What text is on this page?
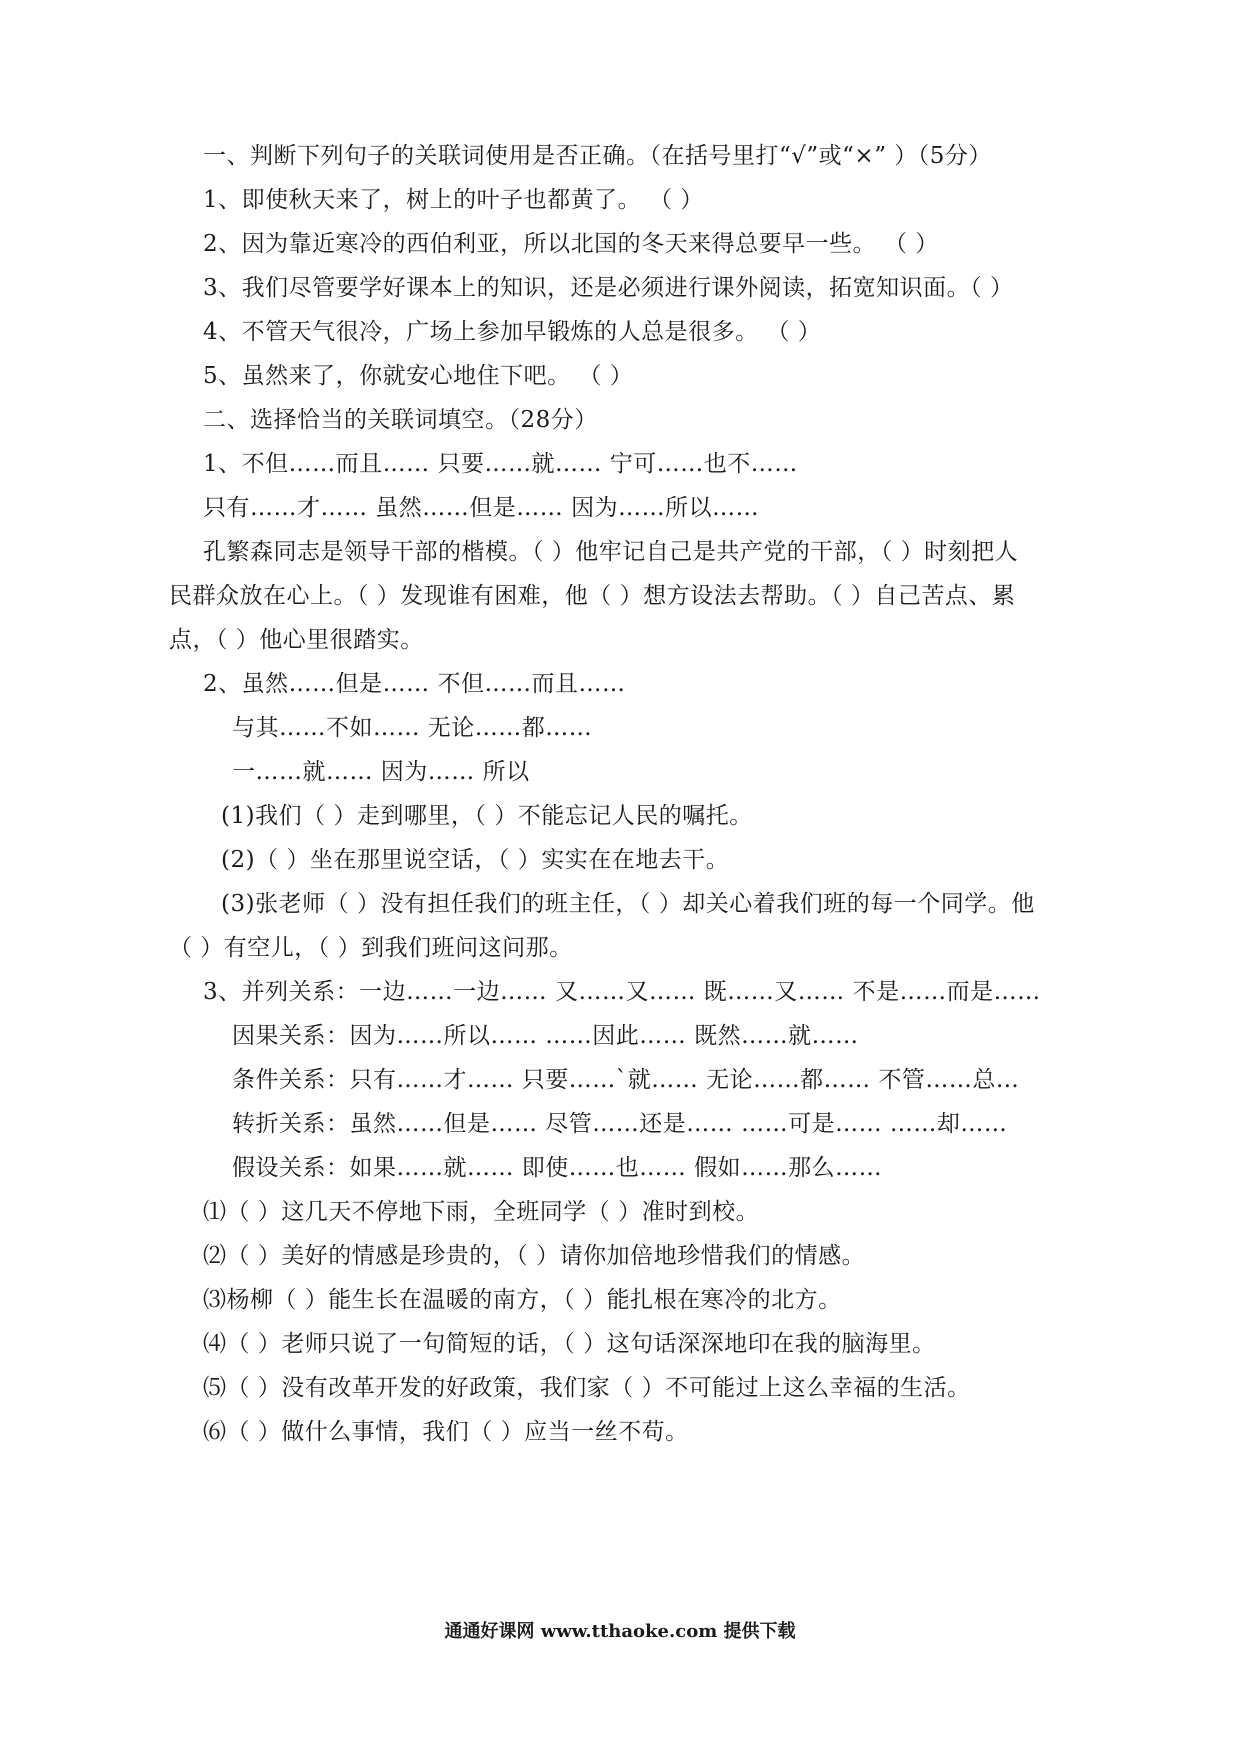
一、判断下列句子的关联词使用是否正确。（在括号里打“√”或“×” ）（5分）

1、即使秋天来了，树上的叶子也都黄了。 （ ）

2、因为靠近寒冷的西伯利亚，所以北国的冬天来得总要早一些。 （ ）

3、我们尽管要学好课本上的知识，还是必须进行课外阅读，拓宽知识面。（ ）

4、不管天气很冷，广场上参加早锻炼的人总是很多。 （ ）

5、虽然来了，你就安心地住下吧。 （ ）

二、选择恰当的关联词填空。（28分）

1、不但……而且…… 只要……就…… 宁可……也不……

只有……才…… 虽然……但是…… 因为……所以……

孔繁森同志是领导干部的楷模。（ ）他牢记自己是共产党的干部，（ ）时刻把人

民群众放在心上。（ ）发现谁有困难，他（ ）想方设法去帮助。（ ）自己苦点、累

点，（ ）他心里很踏实。

2、虽然……但是…… 不但……而且……

与其……不如…… 无论……都……

一……就…… 因为…… 所以

(1)我们（ ）走到哪里，（ ）不能忘记人民的嘱托。

(2)（ ）坐在那里说空话，（ ）实实在在地去干。

(3)张老师（ ）没有担任我们的班主任，（ ）却关心着我们班的每一个同学。他

（ ）有空儿，（ ）到我们班问这问那。

3、并列关系：一边……一边…… 又……又…… 既……又…… 不是……而是……

因果关系：因为……所以…… ……因此…… 既然……就……

条件关系：只有……才…… 只要……`就…… 无论……都…… 不管……总…

转折关系：虽然……但是…… 尽管……还是…… ……可是…… ……却……

假设关系：如果……就…… 即使……也…… 假如……那么……

⑴（ ）这几天不停地下雨，全班同学（ ）准时到校。

⑵（ ）美好的情感是珍贵的，（ ）请你加倍地珍惜我们的情感。

⑶杨柳（ ）能生长在温暖的南方，（ ）能扎根在寒冷的北方。

⑷（ ）老师只说了一句简短的话，（ ）这句话深深地印在我的脑海里。

⑸（ ）没有改革开发的好政策，我们家（ ）不可能过上这么幸福的生活。

⑹（ ）做什么事情，我们（ ）应当一丝不苟。

通通好课网 www.tthaoke.com 提供下载
